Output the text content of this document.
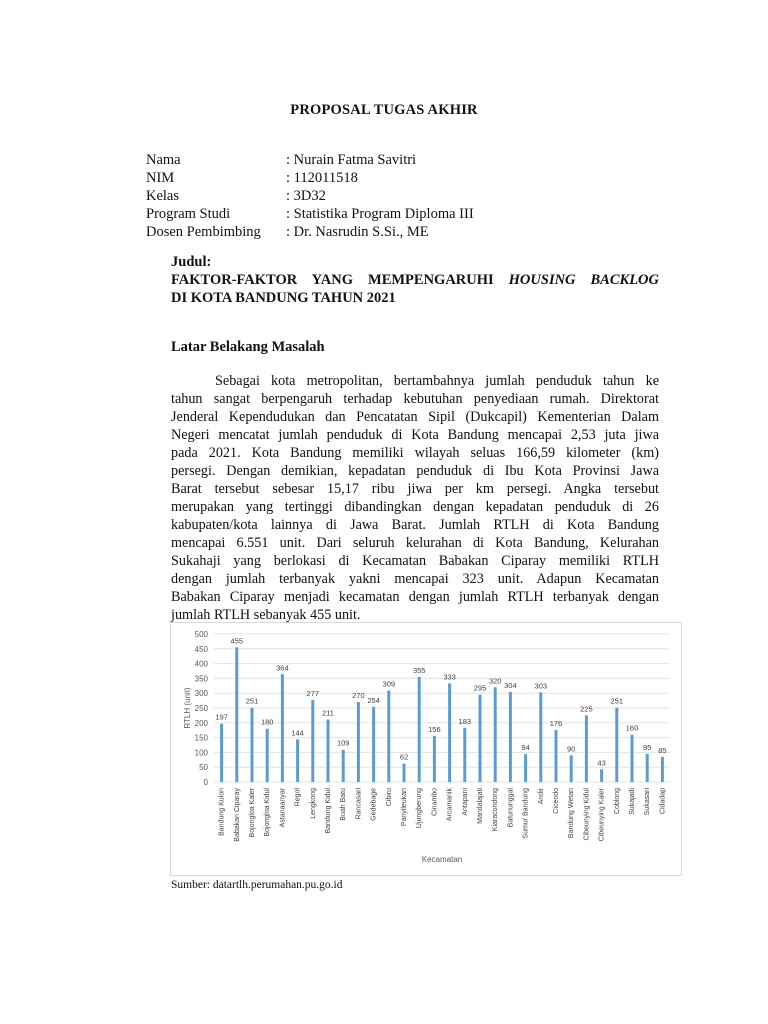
PROPOSAL TUGAS AKHIR
Nama	: Nurain Fatma Savitri
NIM	: 112011518
Kelas	: 3D32
Program Studi	: Statistika Program Diploma III
Dosen Pembimbing	: Dr. Nasrudin S.Si., ME
Judul:
FAKTOR-FAKTOR YANG MEMPENGARUHI HOUSING BACKLOG
DI KOTA BANDUNG TAHUN 2021
Latar Belakang Masalah
Sebagai kota metropolitan, bertambahnya jumlah penduduk tahun ke
tahun sangat berpengaruh terhadap kebutuhan penyediaan rumah. Direktorat
Jenderal Kependudukan dan Pencatatan Sipil (Dukcapil) Kementerian Dalam
Negeri mencatat jumlah penduduk di Kota Bandung mencapai 2,53 juta jiwa
pada 2021. Kota Bandung memiliki wilayah seluas 166,59 kilometer (km)
persegi. Dengan demikian, kepadatan penduduk di Ibu Kota Provinsi Jawa
Barat tersebut sebesar 15,17 ribu jiwa per km persegi. Angka tersebut
merupakan yang tertinggi dibandingkan dengan kepadatan penduduk di 26
kabupaten/kota lainnya di Jawa Barat. Jumlah RTLH di Kota Bandung
mencapai 6.551 unit. Dari seluruh kelurahan di Kota Bandung, Kelurahan
Sukahaji yang berlokasi di Kecamatan Babakan Ciparay memiliki RTLH
dengan jumlah terbanyak yakni mencapai 323 unit. Adapun Kecamatan
Babakan Ciparay menjadi kecamatan dengan jumlah RTLH terbanyak dengan
jumlah RTLH sebanyak 455 unit.
0
50
100
150
200
250
300
350
400
450
500
RTLH (unit)	197
Bandung Kulon
455
Babakan Ciparay
251
Bojongloa Kaler
180
Bojongloa Kidul
364
Astanaanyar
144
Regol
277
Lengkong
211
Bandung Kidul
109
Buah Batu
270
Rancasari
254
Gedebage
309
Cibiru
62
Panyileukan
355
Ujungberung
156
Cinambo
333
Arcamanik
183
Antapani
295
Mandalajati
320
Kiaracondong
304
Batununggal
94
Sumur Bandung
303
Andir
176
Cicendo
90
Bandung Wetan
225
Cibeunying Kidul
43
Cibeunying Kaler
251
Coblong
160
Sukajadi
95
Sukasari
85
Cidadap
Kecamatan
Sumber: datartlh.perumahan.pu.go.id
